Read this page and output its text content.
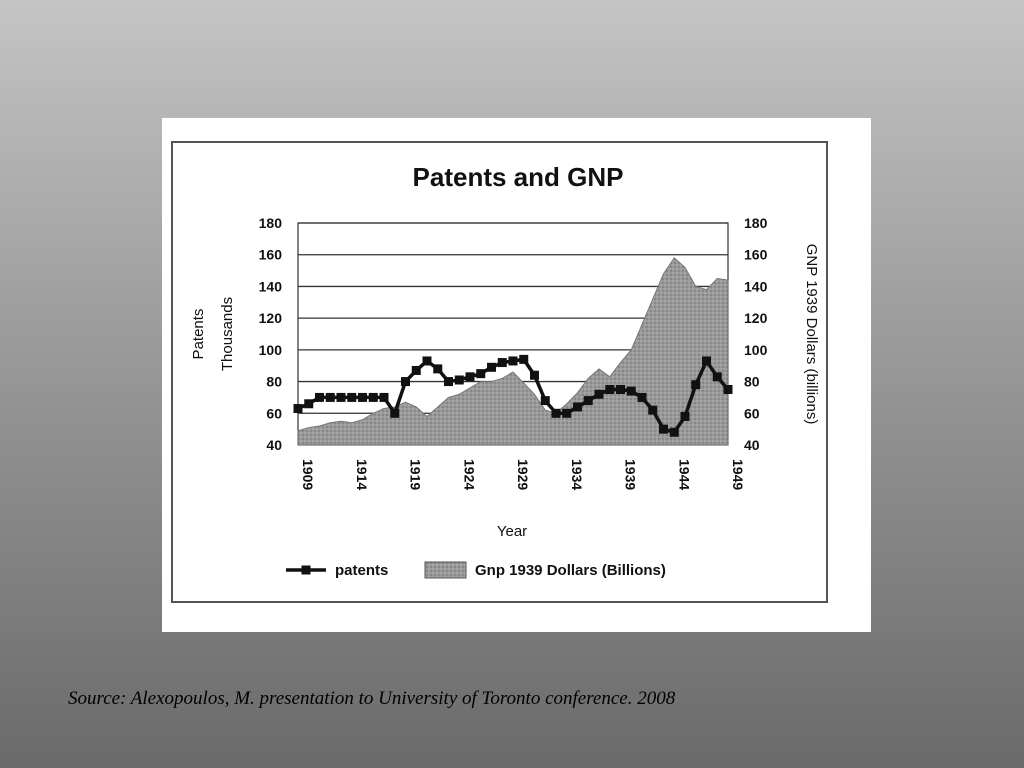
Patents and GNP
40
60
80
100
120
140
160
180
40
60
80
100
120
140
160
180
1909	1914	1919	1924	1929	1934	1939	1944	1949
Patents Thousands	GNP 1939 Dollars (billions)
Year
patents	Gnp 1939 Dollars (Billions)
Source: Alexopoulos, M. presentation to University of Toronto conference. 2008
